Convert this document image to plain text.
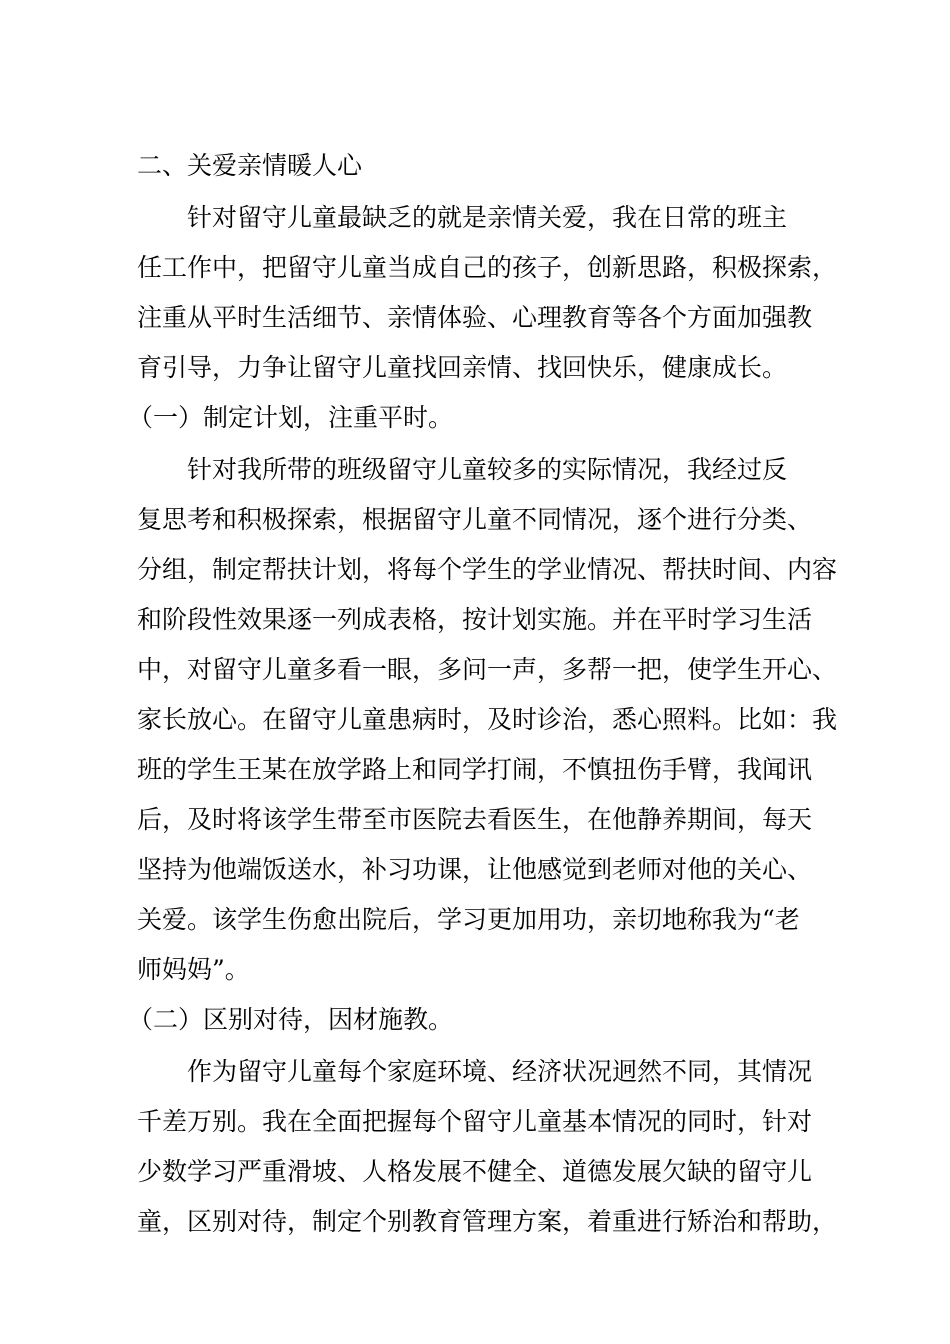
二、关爱亲情暖人心
针对留守儿童最缺乏的就是亲情关爱，我在日常的班主
任工作中，把留守儿童当成自己的孩子，创新思路，积极探索，
注重从平时生活细节、亲情体验、心理教育等各个方面加强教
育引导，力争让留守儿童找回亲情、找回快乐，健康成长。
（一）制定计划，注重平时。
针对我所带的班级留守儿童较多的实际情况，我经过反
复思考和积极探索，根据留守儿童不同情况，逐个进行分类、
分组，制定帮扶计划，将每个学生的学业情况、帮扶时间、内容
和阶段性效果逐一列成表格，按计划实施。并在平时学习生活
中，对留守儿童多看一眼，多问一声，多帮一把，使学生开心、
家长放心。在留守儿童患病时，及时诊治，悉心照料。比如：我
班的学生王某在放学路上和同学打闹，不慎扭伤手臂，我闻讯
后，及时将该学生带至市医院去看医生，在他静养期间，每天
坚持为他端饭送水，补习功课，让他感觉到老师对他的关心、
关爱。该学生伤愈出院后，学习更加用功，亲切地称我为“老
师妈妈”。
（二）区别对待，因材施教。
作为留守儿童每个家庭环境、经济状况迥然不同，其情况
千差万别。我在全面把握每个留守儿童基本情况的同时，针对
少数学习严重滑坡、人格发展不健全、道德发展欠缺的留守儿
童，区别对待，制定个别教育管理方案，着重进行矫治和帮助，
